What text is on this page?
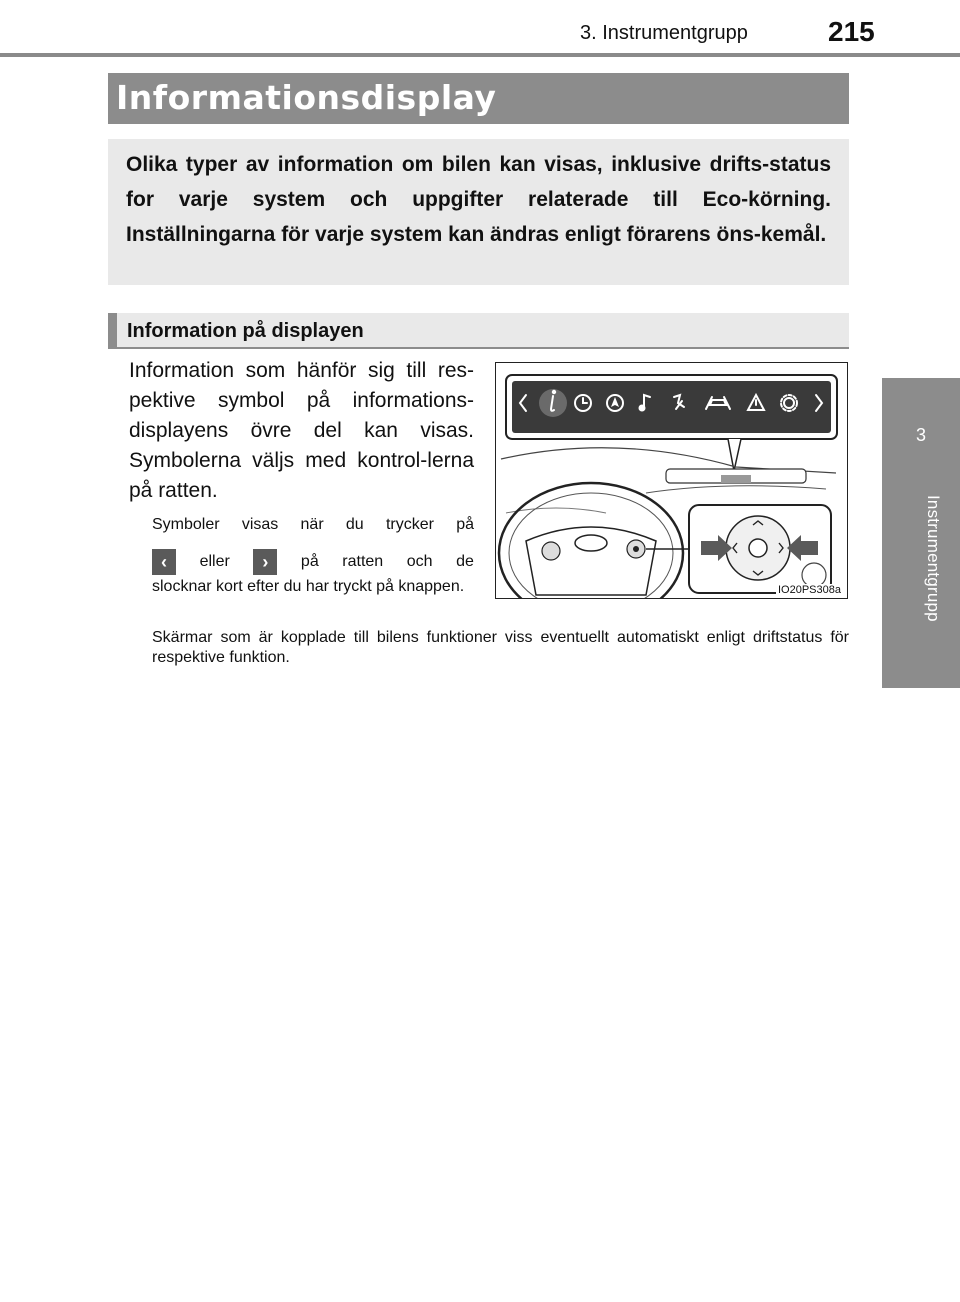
3. Instrumentgrupp	215
3
Instrumentgrupp
Informationsdisplay
Olika typer av information om bilen kan visas, inklusive drifts-status for varje system och uppgifter relaterade till Eco-körning. Inställningarna för varje system kan ändras enligt förarens öns-kemål.
Information på displayen
Information som hänför sig till res-pektive symbol på informations-displayens övre del kan visas. Symbolerna väljs med kontrol-lerna på ratten.
Symboler visas när du trycker på
‹	eller	›	på ratten och de
slocknar kort efter du har tryckt på knappen.
Skärmar som är kopplade till bilens funktioner viss eventuellt automatiskt enligt driftstatus för respektive funktion.
IO20PS308a
